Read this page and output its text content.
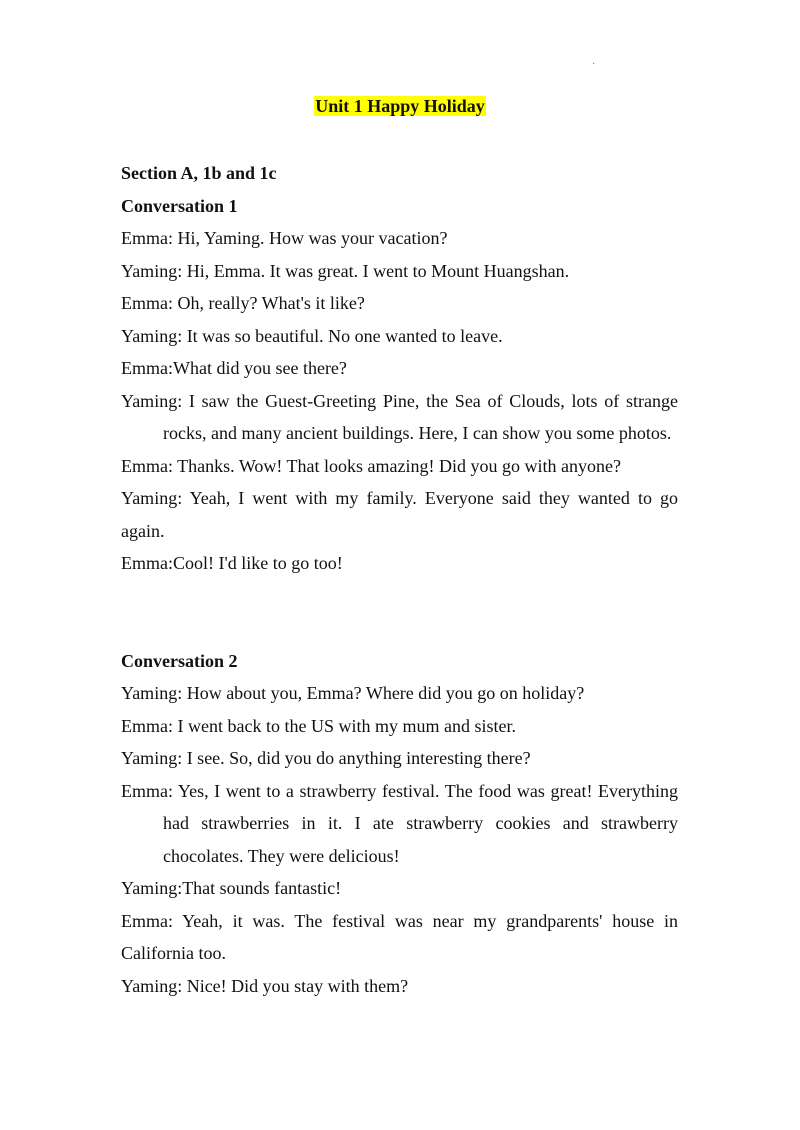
·
Unit 1 Happy Holiday
Section A, 1b and 1c
Conversation 1
Emma: Hi, Yaming. How was your vacation?
Yaming: Hi, Emma. It was great. I went to Mount Huangshan.
Emma: Oh, really? What's it like?
Yaming: It was so beautiful. No one wanted to leave.
Emma:What did you see there?
Yaming: I saw the Guest-Greeting Pine, the Sea of Clouds, lots of strange rocks, and many ancient buildings. Here, I can show you some photos.
Emma: Thanks. Wow! That looks amazing! Did you go with anyone?
Yaming: Yeah, I went with my family. Everyone said they wanted to go again.
Emma:Cool! I'd like to go too!
Conversation 2
Yaming: How about you, Emma? Where did you go on holiday?
Emma: I went back to the US with my mum and sister.
Yaming: I see. So, did you do anything interesting there?
Emma: Yes, I went to a strawberry festival. The food was great! Everything had strawberries in it. I ate strawberry cookies and strawberry chocolates. They were delicious!
Yaming:That sounds fantastic!
Emma: Yeah, it was. The festival was near my grandparents' house in California too.
Yaming: Nice! Did you stay with them?
